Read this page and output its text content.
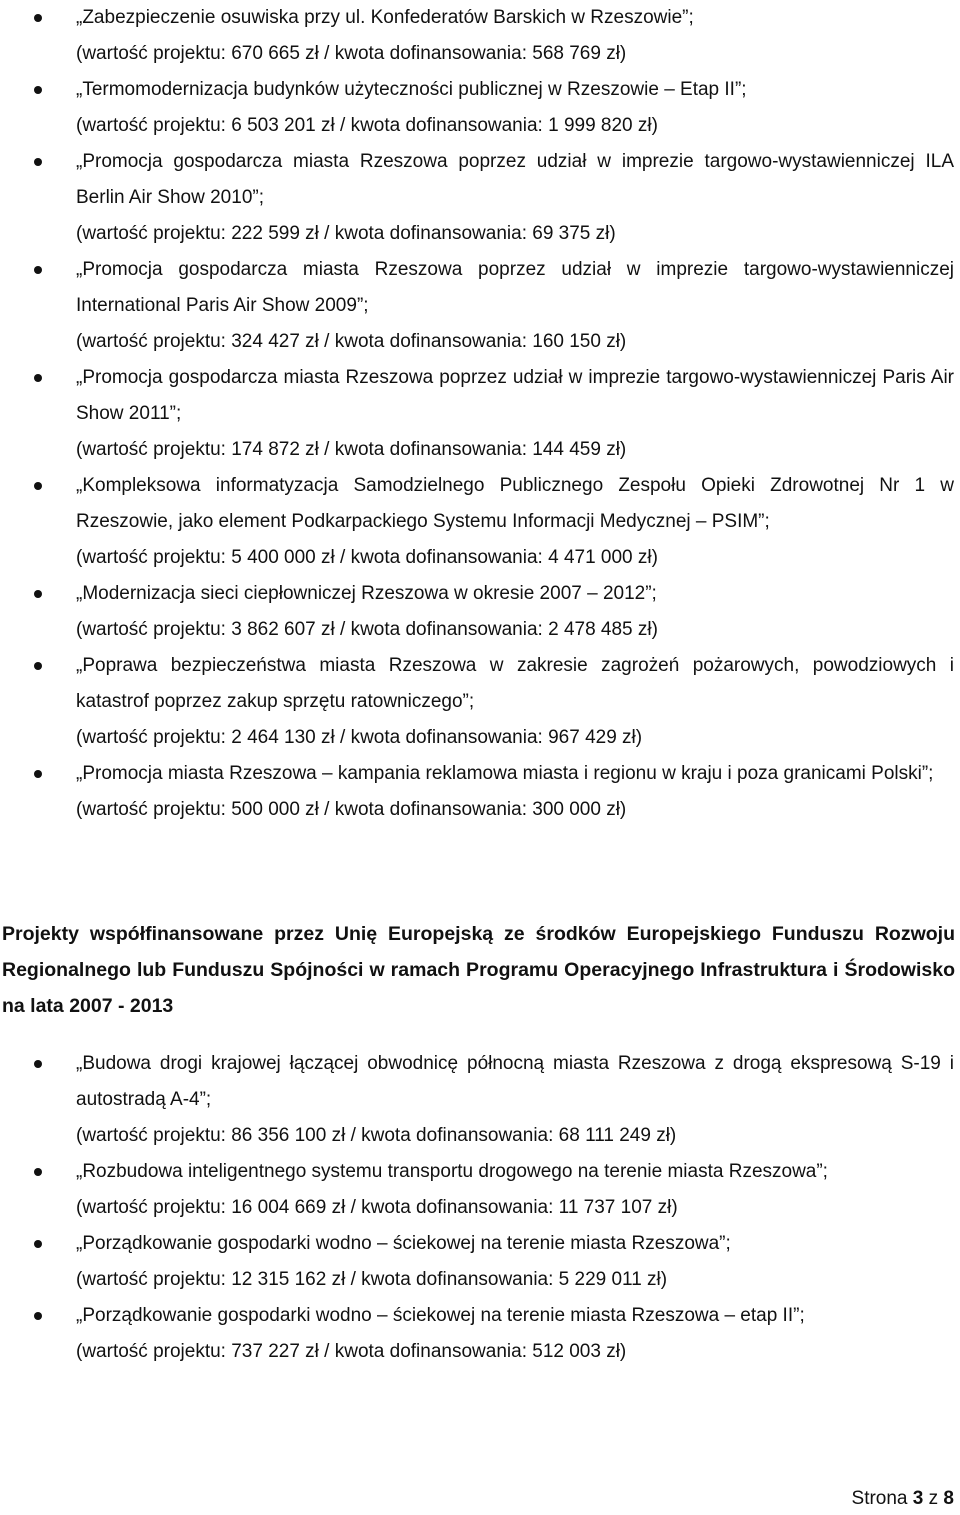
„Zabezpieczenie osuwiska przy ul. Konfederatów Barskich w Rzeszowie”;
(wartość projektu: 670 665 zł / kwota dofinansowania: 568 769 zł)
„Termomodernizacja budynków użyteczności publicznej w Rzeszowie – Etap II”;
(wartość projektu: 6 503 201 zł / kwota dofinansowania: 1 999 820 zł)
„Promocja gospodarcza miasta Rzeszowa poprzez udział w imprezie targowo-wystawienniczej ILA Berlin Air Show 2010”;
(wartość projektu: 222 599 zł / kwota dofinansowania: 69 375 zł)
„Promocja gospodarcza miasta Rzeszowa poprzez udział w imprezie targowo-wystawienniczej International Paris Air Show 2009”;
(wartość projektu: 324 427 zł / kwota dofinansowania: 160 150 zł)
„Promocja gospodarcza miasta Rzeszowa poprzez udział w imprezie targowo-wystawienniczej Paris Air Show 2011”;
(wartość projektu: 174 872 zł / kwota dofinansowania: 144 459 zł)
„Kompleksowa informatyzacja Samodzielnego Publicznego Zespołu Opieki Zdrowotnej Nr 1 w Rzeszowie, jako element Podkarpackiego Systemu Informacji Medycznej – PSIM”;
(wartość projektu: 5 400 000 zł / kwota dofinansowania: 4 471 000 zł)
„Modernizacja sieci ciepłowniczej Rzeszowa w okresie 2007 – 2012”;
(wartość projektu: 3 862 607 zł / kwota dofinansowania: 2 478 485 zł)
„Poprawa bezpieczeństwa miasta Rzeszowa w zakresie zagrożeń pożarowych, powodziowych i katastrof poprzez zakup sprzętu ratowniczego”;
(wartość projektu: 2 464 130 zł / kwota dofinansowania: 967 429 zł)
„Promocja miasta Rzeszowa – kampania reklamowa miasta i regionu w kraju i poza granicami Polski”;
(wartość projektu: 500 000 zł / kwota dofinansowania: 300 000 zł)
Projekty współfinansowane przez Unię Europejską ze środków Europejskiego Funduszu Rozwoju Regionalnego lub Funduszu Spójności w ramach Programu Operacyjnego Infrastruktura i Środowisko na lata 2007 - 2013
„Budowa drogi krajowej łączącej obwodnicę północną miasta Rzeszowa z drogą ekspresową S-19 i autostradą A-4”;
(wartość projektu: 86 356 100 zł / kwota dofinansowania: 68 111 249 zł)
„Rozbudowa inteligentnego systemu transportu drogowego na terenie miasta Rzeszowa”;
(wartość projektu: 16 004 669 zł / kwota dofinansowania: 11 737 107 zł)
„Porządkowanie gospodarki wodno – ściekowej na terenie miasta Rzeszowa”;
(wartość projektu: 12 315 162 zł / kwota dofinansowania: 5 229 011 zł)
„Porządkowanie gospodarki wodno – ściekowej na terenie miasta Rzeszowa – etap II”;
(wartość projektu: 737 227 zł / kwota dofinansowania: 512 003 zł)
Strona 3 z 8
